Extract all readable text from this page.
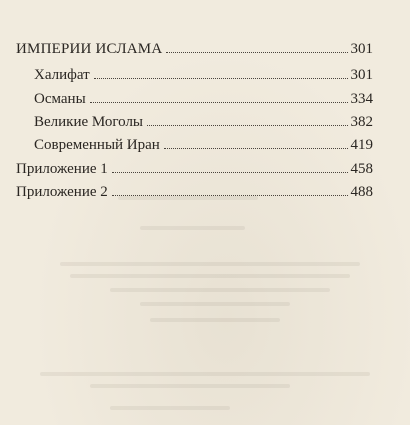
ИМПЕРИИ ИСЛАМА	301
Халифат	301
Османы	334
Великие Моголы	382
Современный Иран	419
Приложение 1	458
Приложение 2	488
